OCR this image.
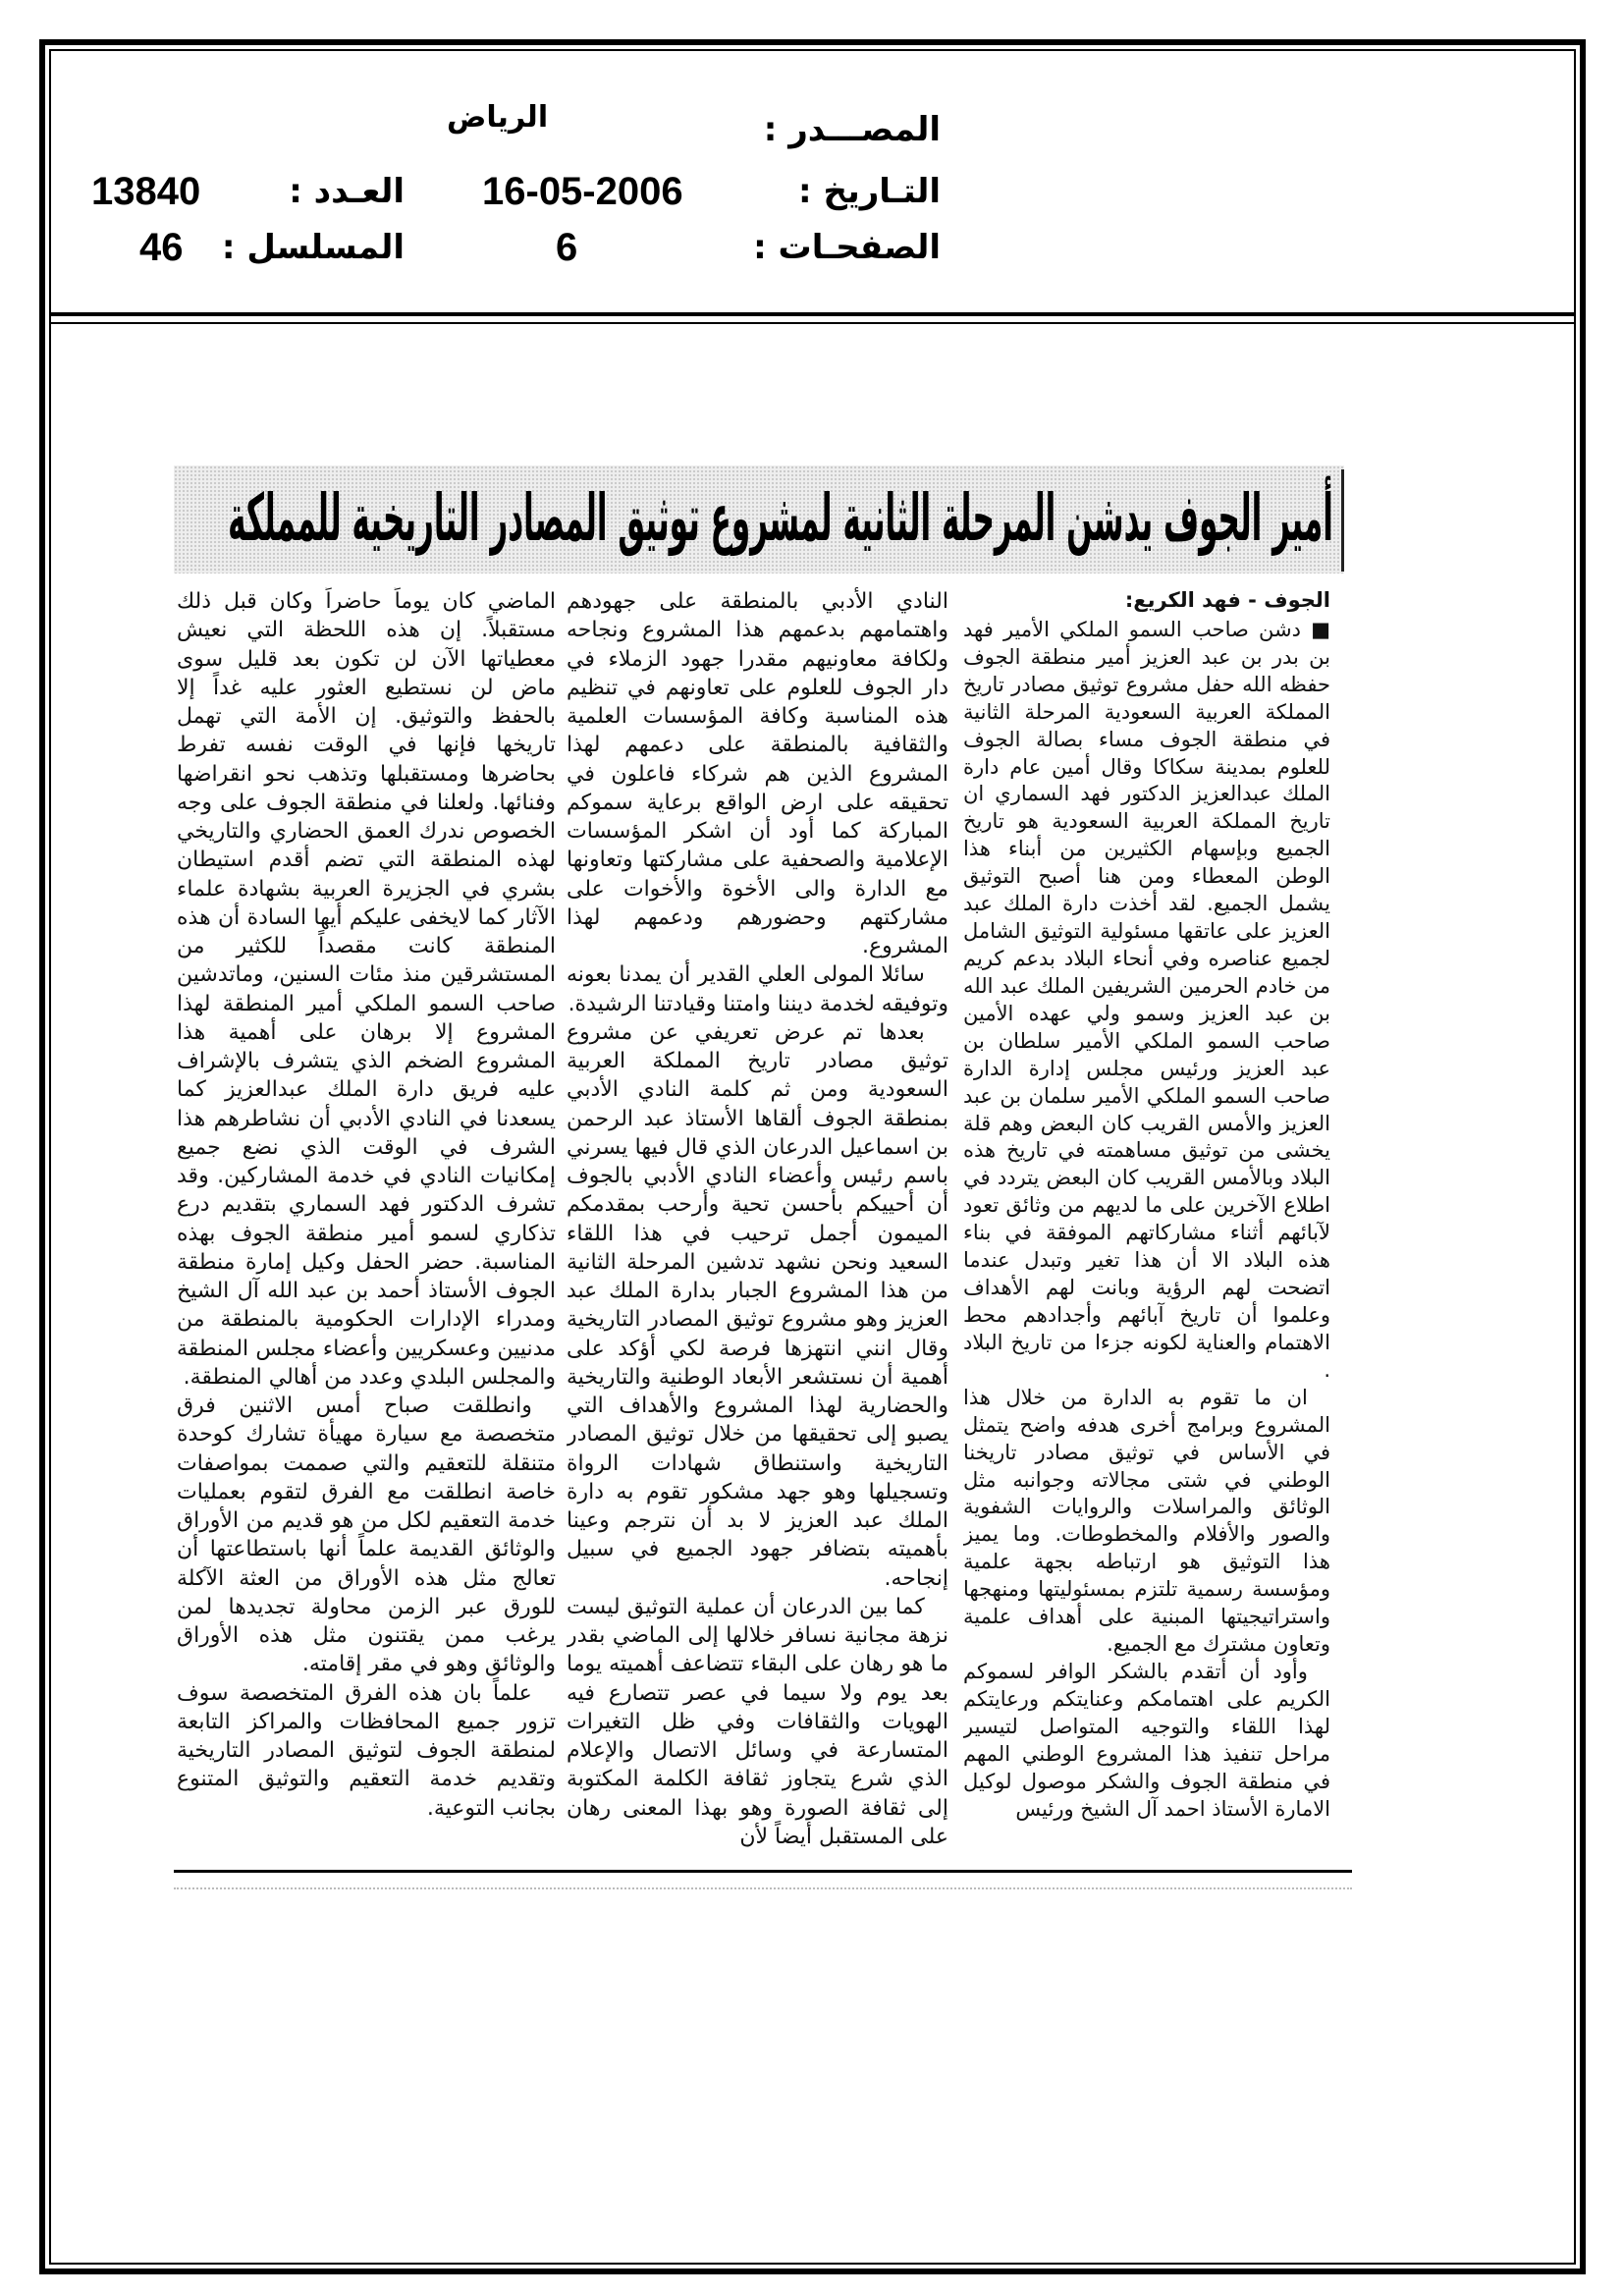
المصـــدر :
الرياض
التـاريخ :
16-05-2006
الصفحـات :
6
العـدد :
13840
المسلسل :
46
أمير الجوف يدشن المرحلة الثانية لمشروع توثيق المصادر التاريخية للمملكة

الجوف - فهد الكريع:

■ دشن صاحب السمو الملكي الأمير فهد بن بدر بن عبد العزيز أمير منطقة الجوف حفظه الله حفل مشروع توثيق مصادر تاريخ المملكة العربية السعودية المرحلة الثانية في منطقة الجوف مساء بصالة الجوف للعلوم بمدينة سكاكا وقال أمين عام دارة الملك عبدالعزيز الدكتور فهد السماري ان تاريخ المملكة العربية السعودية هو تاريخ الجميع وبإسهام الكثيرين من أبناء هذا الوطن المعطاء ومن هنا أصبح التوثيق يشمل الجميع. لقد أخذت دارة الملك عبد العزيز على عاتقها مسئولية التوثيق الشامل لجميع عناصره وفي أنحاء البلاد بدعم كريم من خادم الحرمين الشريفين الملك عبد الله بن عبد العزيز وسمو ولي عهده الأمين صاحب السمو الملكي الأمير سلطان بن عبد العزيز ورئيس مجلس إدارة الدارة صاحب السمو الملكي الأمير سلمان بن عبد العزيز والأمس القريب كان البعض وهم قلة يخشى من توثيق مساهمته في تاريخ هذه البلاد وبالأمس القريب كان البعض يتردد في اطلاع الآخرين على ما لديهم من وثائق تعود لآبائهم أثناء مشاركاتهم الموفقة في بناء هذه البلاد الا أن هذا تغير وتبدل عندما اتضحت لهم الرؤية وبانت لهم الأهداف وعلموا أن تاريخ آبائهم وأجدادهم محط الاهتمام والعناية لكونه جزءا من تاريخ البلاد .

ان ما تقوم به الدارة من خلال هذا المشروع وبرامج أخرى هدفه واضح يتمثل في الأساس في توثيق مصادر تاريخنا الوطني في شتى مجالاته وجوانبه مثل الوثائق والمراسلات والروايات الشفوية والصور والأفلام والمخطوطات. وما يميز هذا التوثيق هو ارتباطه بجهة علمية ومؤسسة رسمية تلتزم بمسئوليتها ومنهجها واستراتيجيتها المبنية على أهداف علمية وتعاون مشترك مع الجميع.

وأود أن أتقدم بالشكر الوافر لسموكم الكريم على اهتمامكم وعنايتكم ورعايتكم لهذا اللقاء والتوجيه المتواصل لتيسير مراحل تنفيذ هذا المشروع الوطني المهم في منطقة الجوف والشكر موصول لوكيل الامارة الأستاذ احمد آل الشيخ ورئيس

النادي الأدبي بالمنطقة على جهودهم واهتمامهم بدعمهم هذا المشروع ونجاحه ولكافة معاونيهم مقدرا جهود الزملاء في دار الجوف للعلوم على تعاونهم في تنظيم هذه المناسبة وكافة المؤسسات العلمية والثقافية بالمنطقة على دعمهم لهذا المشروع الذين هم شركاء فاعلون في تحقيقه على ارض الواقع برعاية سموكم المباركة كما أود أن اشكر المؤسسات الإعلامية والصحفية على مشاركتها وتعاونها مع الدارة والى الأخوة والأخوات على مشاركتهم وحضورهم ودعمهم لهذا المشروع.

سائلا المولى العلي القدير أن يمدنا بعونه وتوفيقه لخدمة ديننا وامتنا وقيادتنا الرشيدة.

بعدها تم عرض تعريفي عن مشروع توثيق مصادر تاريخ المملكة العربية السعودية ومن ثم كلمة النادي الأدبي بمنطقة الجوف ألقاها الأستاذ عبد الرحمن بن اسماعيل الدرعان الذي قال فيها يسرني باسم رئيس وأعضاء النادي الأدبي بالجوف أن أحييكم بأحسن تحية وأرحب بمقدمكم الميمون أجمل ترحيب في هذا اللقاء السعيد ونحن نشهد تدشين المرحلة الثانية من هذا المشروع الجبار بدارة الملك عبد العزيز وهو مشروع توثيق المصادر التاريخية وقال انني انتهزها فرصة لكي أؤكد على أهمية أن نستشعر الأبعاد الوطنية والتاريخية والحضارية لهذا المشروع والأهداف التي يصبو إلى تحقيقها من خلال توثيق المصادر التاريخية واستنطاق شهادات الرواة وتسجيلها وهو جهد مشكور تقوم به دارة الملك عبد العزيز لا بد أن نترجم وعينا بأهميته بتضافر جهود الجميع في سبيل إنجاحه.

كما بين الدرعان أن عملية التوثيق ليست نزهة مجانية نسافر خلالها إلى الماضي بقدر ما هو رهان على البقاء تتضاعف أهميته يوما بعد يوم ولا سيما في عصر تتصارع فيه الهويات والثقافات وفي ظل التغيرات المتسارعة في وسائل الاتصال والإعلام الذي شرع يتجاوز ثقافة الكلمة المكتوبة إلى ثقافة الصورة وهو بهذا المعنى رهان على المستقبل أيضاً لأن

الماضي كان يوماً حاضراً وكان قبل ذلك مستقبلاً. إن هذه اللحظة التي نعيش معطياتها الآن لن تكون بعد قليل سوى ماض لن نستطيع العثور عليه غداً إلا بالحفظ والتوثيق. إن الأمة التي تهمل تاريخها فإنها في الوقت نفسه تفرط بحاضرها ومستقبلها وتذهب نحو انقراضها وفنائها. ولعلنا في منطقة الجوف على وجه الخصوص ندرك العمق الحضاري والتاريخي لهذه المنطقة التي تضم أقدم استيطان بشري في الجزيرة العربية بشهادة علماء الآثار كما لايخفى عليكم أيها السادة أن هذه المنطقة كانت مقصداً للكثير من المستشرقين منذ مئات السنين، وماتدشين صاحب السمو الملكي أمير المنطقة لهذا المشروع إلا برهان على أهمية هذا المشروع الضخم الذي يتشرف بالإشراف عليه فريق دارة الملك عبدالعزيز كما يسعدنا في النادي الأدبي أن نشاطرهم هذا الشرف في الوقت الذي نضع جميع إمكانيات النادي في خدمة المشاركين. وقد تشرف الدكتور فهد السماري بتقديم درع تذكاري لسمو أمير منطقة الجوف بهذه المناسبة. حضر الحفل وكيل إمارة منطقة الجوف الأستاذ أحمد بن عبد الله آل الشيخ ومدراء الإدارات الحكومية بالمنطقة من مدنيين وعسكريين وأعضاء مجلس المنطقة والمجلس البلدي وعدد من أهالي المنطقة.

وانطلقت صباح أمس الاثنين فرق متخصصة مع سيارة مهيأة تشارك كوحدة متنقلة للتعقيم والتي صممت بمواصفات خاصة انطلقت مع الفرق لتقوم بعمليات خدمة التعقيم لكل من هو قديم من الأوراق والوثائق القديمة علماً أنها باستطاعتها أن تعالج مثل هذه الأوراق من العثة الآكلة للورق عبر الزمن محاولة تجديدها لمن يرغب ممن يقتنون مثل هذه الأوراق والوثائق وهو في مقر إقامته.

علماً بان هذه الفرق المتخصصة سوف تزور جميع المحافظات والمراكز التابعة لمنطقة الجوف لتوثيق المصادر التاريخية وتقديم خدمة التعقيم والتوثيق المتنوع بجانب التوعية.
